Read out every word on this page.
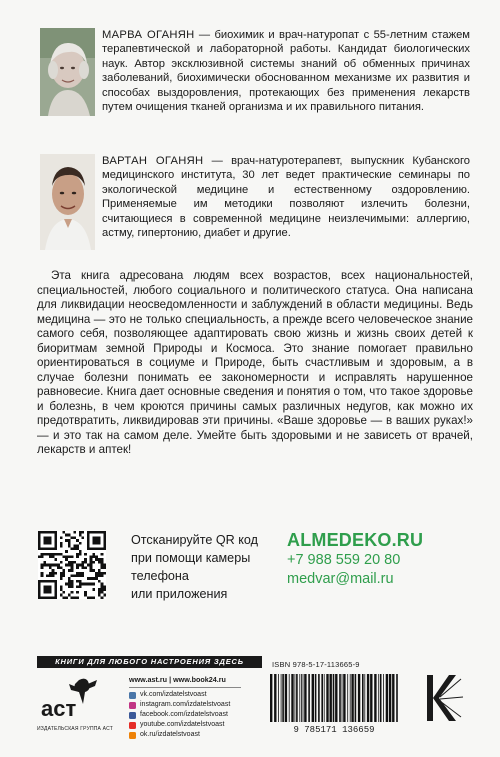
МАРВА ОГАНЯН — биохимик и врач-натуропат с 55-летним стажем терапевтической и лабораторной работы. Кандидат биологических наук. Автор эксклюзивной системы знаний об обменных причинах заболеваний, биохимически обоснованном механизме их развития и способах выздоровления, протекающих без применения лекарств путем очищения тканей организма и их правильного питания.
ВАРТАН ОГАНЯН — врач-натуротерапевт, выпускник Кубанского медицинского института, 30 лет ведет практические семинары по экологической медицине и естественному оздоровлению. Применяемые им методики позволяют излечить болезни, считающиеся в современной медицине неизлечимыми: аллергию, астму, гипертонию, диабет и другие.
Эта книга адресована людям всех возрастов, всех национальностей, специальностей, любого социального и политического статуса. Она написана для ликвидации неосведомленности и заблуждений в области медицины. Ведь медицина — это не только специальность, а прежде всего человеческое знание самого себя, позволяющее адаптировать свою жизнь и жизнь своих детей к биоритмам земной Природы и Космоса. Это знание помогает правильно ориентироваться в социуме и Природе, быть счастливым и здоровым, а в случае болезни понимать ее закономерности и исправлять нарушенное равновесие. Книга дает основные сведения и понятия о том, что такое здоровье и болезнь, в чем кроются причины самых различных недугов, как можно их предотвратить, ликвидировав эти причины. «Ваше здоровье — в ваших руках!» — и это так на самом деле. Умейте быть здоровыми и не зависеть от врачей, лекарств и аптек!
Отсканируйте QR код
при помощи камеры
телефона
или приложения
ALMEDEKO.RU
+7 988 559 20 80
medvar@mail.ru
КНИГИ ДЛЯ ЛЮБОГО НАСТРОЕНИЯ ЗДЕСЬ
аст
ИЗДАТЕЛЬСКАЯ ГРУППА АСТ
www.ast.ru | www.book24.ru
vk.com/izdatelstvoast
instagram.com/izdatelstvoast
facebook.com/izdatelstvoast
youtube.com/izdatelstvoast
ok.ru/izdatelstvoast
ISBN 978-5-17-113665-9
9 785171 136659
